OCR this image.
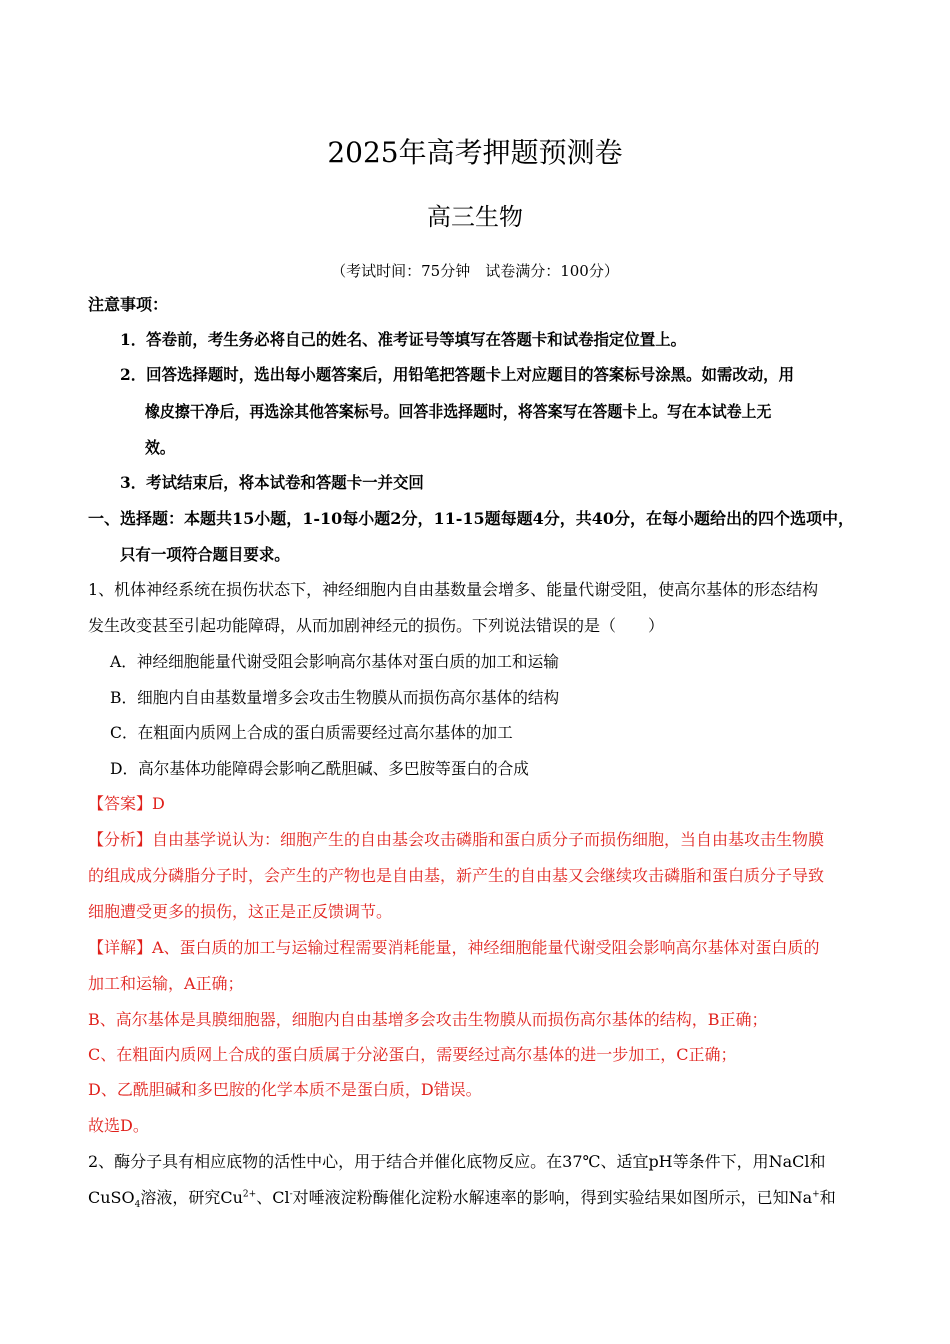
2025年高考押题预测卷
高三生物
（考试时间：75分钟　试卷满分：100分）
注意事项：
1．答卷前，考生务必将自己的姓名、准考证号等填写在答题卡和试卷指定位置上。
2．回答选择题时，选出每小题答案后，用铅笔把答题卡上对应题目的答案标号涂黑。如需改动，用
橡皮擦干净后，再选涂其他答案标号。回答非选择题时，将答案写在答题卡上。写在本试卷上无
效。
3．考试结束后，将本试卷和答题卡一并交回
一、选择题：本题共15小题，1-10每小题2分，11-15题每题4分，共40分，在每小题给出的四个选项中，
只有一项符合题目要求。
1、机体神经系统在损伤状态下，神经细胞内自由基数量会增多、能量代谢受阻，使高尔基体的形态结构
发生改变甚至引起功能障碍，从而加剧神经元的损伤。下列说法错误的是（　　）
A．神经细胞能量代谢受阻会影响高尔基体对蛋白质的加工和运输
B．细胞内自由基数量增多会攻击生物膜从而损伤高尔基体的结构
C．在粗面内质网上合成的蛋白质需要经过高尔基体的加工
D．高尔基体功能障碍会影响乙酰胆碱、多巴胺等蛋白的合成
【答案】D
【分析】自由基学说认为：细胞产生的自由基会攻击磷脂和蛋白质分子而损伤细胞，当自由基攻击生物膜
的组成成分磷脂分子时，会产生的产物也是自由基，新产生的自由基又会继续攻击磷脂和蛋白质分子导致
细胞遭受更多的损伤，这正是正反馈调节。
【详解】A、蛋白质的加工与运输过程需要消耗能量，神经细胞能量代谢受阻会影响高尔基体对蛋白质的
加工和运输，A正确；
B、高尔基体是具膜细胞器，细胞内自由基增多会攻击生物膜从而损伤高尔基体的结构，B正确；
C、在粗面内质网上合成的蛋白质属于分泌蛋白，需要经过高尔基体的进一步加工，C正确；
D、乙酰胆碱和多巴胺的化学本质不是蛋白质，D错误。
故选D。
2、酶分子具有相应底物的活性中心，用于结合并催化底物反应。在37℃、适宜pH等条件下，用NaCl和
CuSO$_4$溶液，研究$Cu^{2+}$、Cl-对唾液淀粉酶催化淀粉水解速率的影响，得到实验结果如图所示，已知Na+和
